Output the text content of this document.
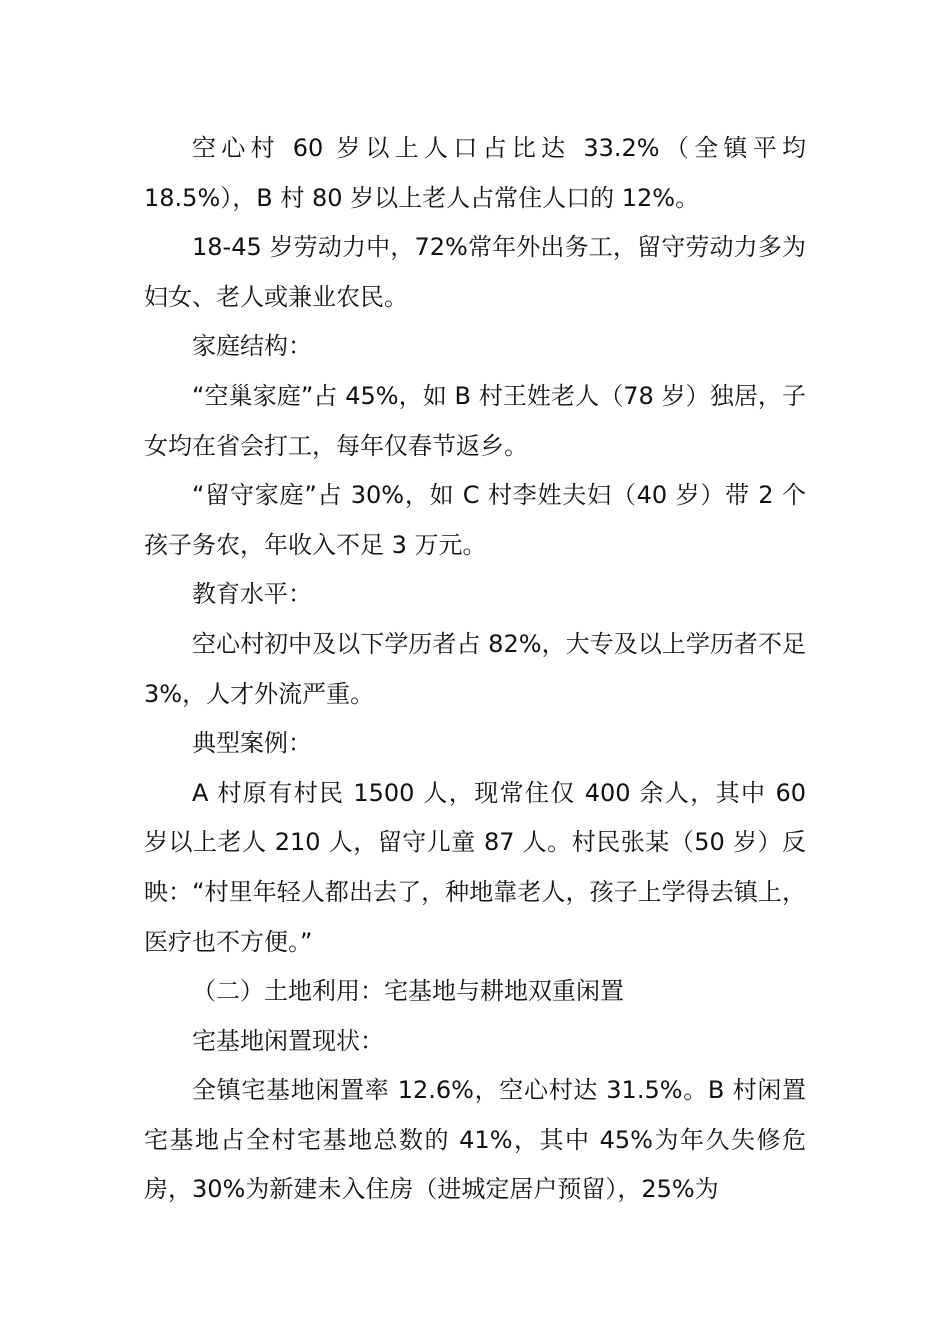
空心村 60 岁以上人口占比达 33.2%（全镇平均 18.5%），B 村 80 岁以上老人占常住人口的 12%。

18-45 岁劳动力中，72%常年外出务工，留守劳动力多为妇女、老人或兼业农民。

家庭结构：

“空巢家庭”占 45%，如 B 村王姓老人（78 岁）独居，子女均在省会打工，每年仅春节返乡。

“留守家庭”占 30%，如 C 村李姓夫妇（40 岁）带 2 个孩子务农，年收入不足 3 万元。

教育水平：

空心村初中及以下学历者占 82%，大专及以上学历者不足 3%，人才外流严重。

典型案例：

A 村原有村民 1500 人，现常住仅 400 余人，其中 60 岁以上老人 210 人，留守儿童 87 人。村民张某（50 岁）反映：“村里年轻人都出去了，种地靠老人，孩子上学得去镇上，医疗也不方便。”

（二）土地利用：宅基地与耕地双重闲置

宅基地闲置现状：

全镇宅基地闲置率 12.6%，空心村达 31.5%。B 村闲置宅基地占全村宅基地总数的 41%，其中 45%为年久失修危房，30%为新建未入住房（进城定居户预留），25%为
